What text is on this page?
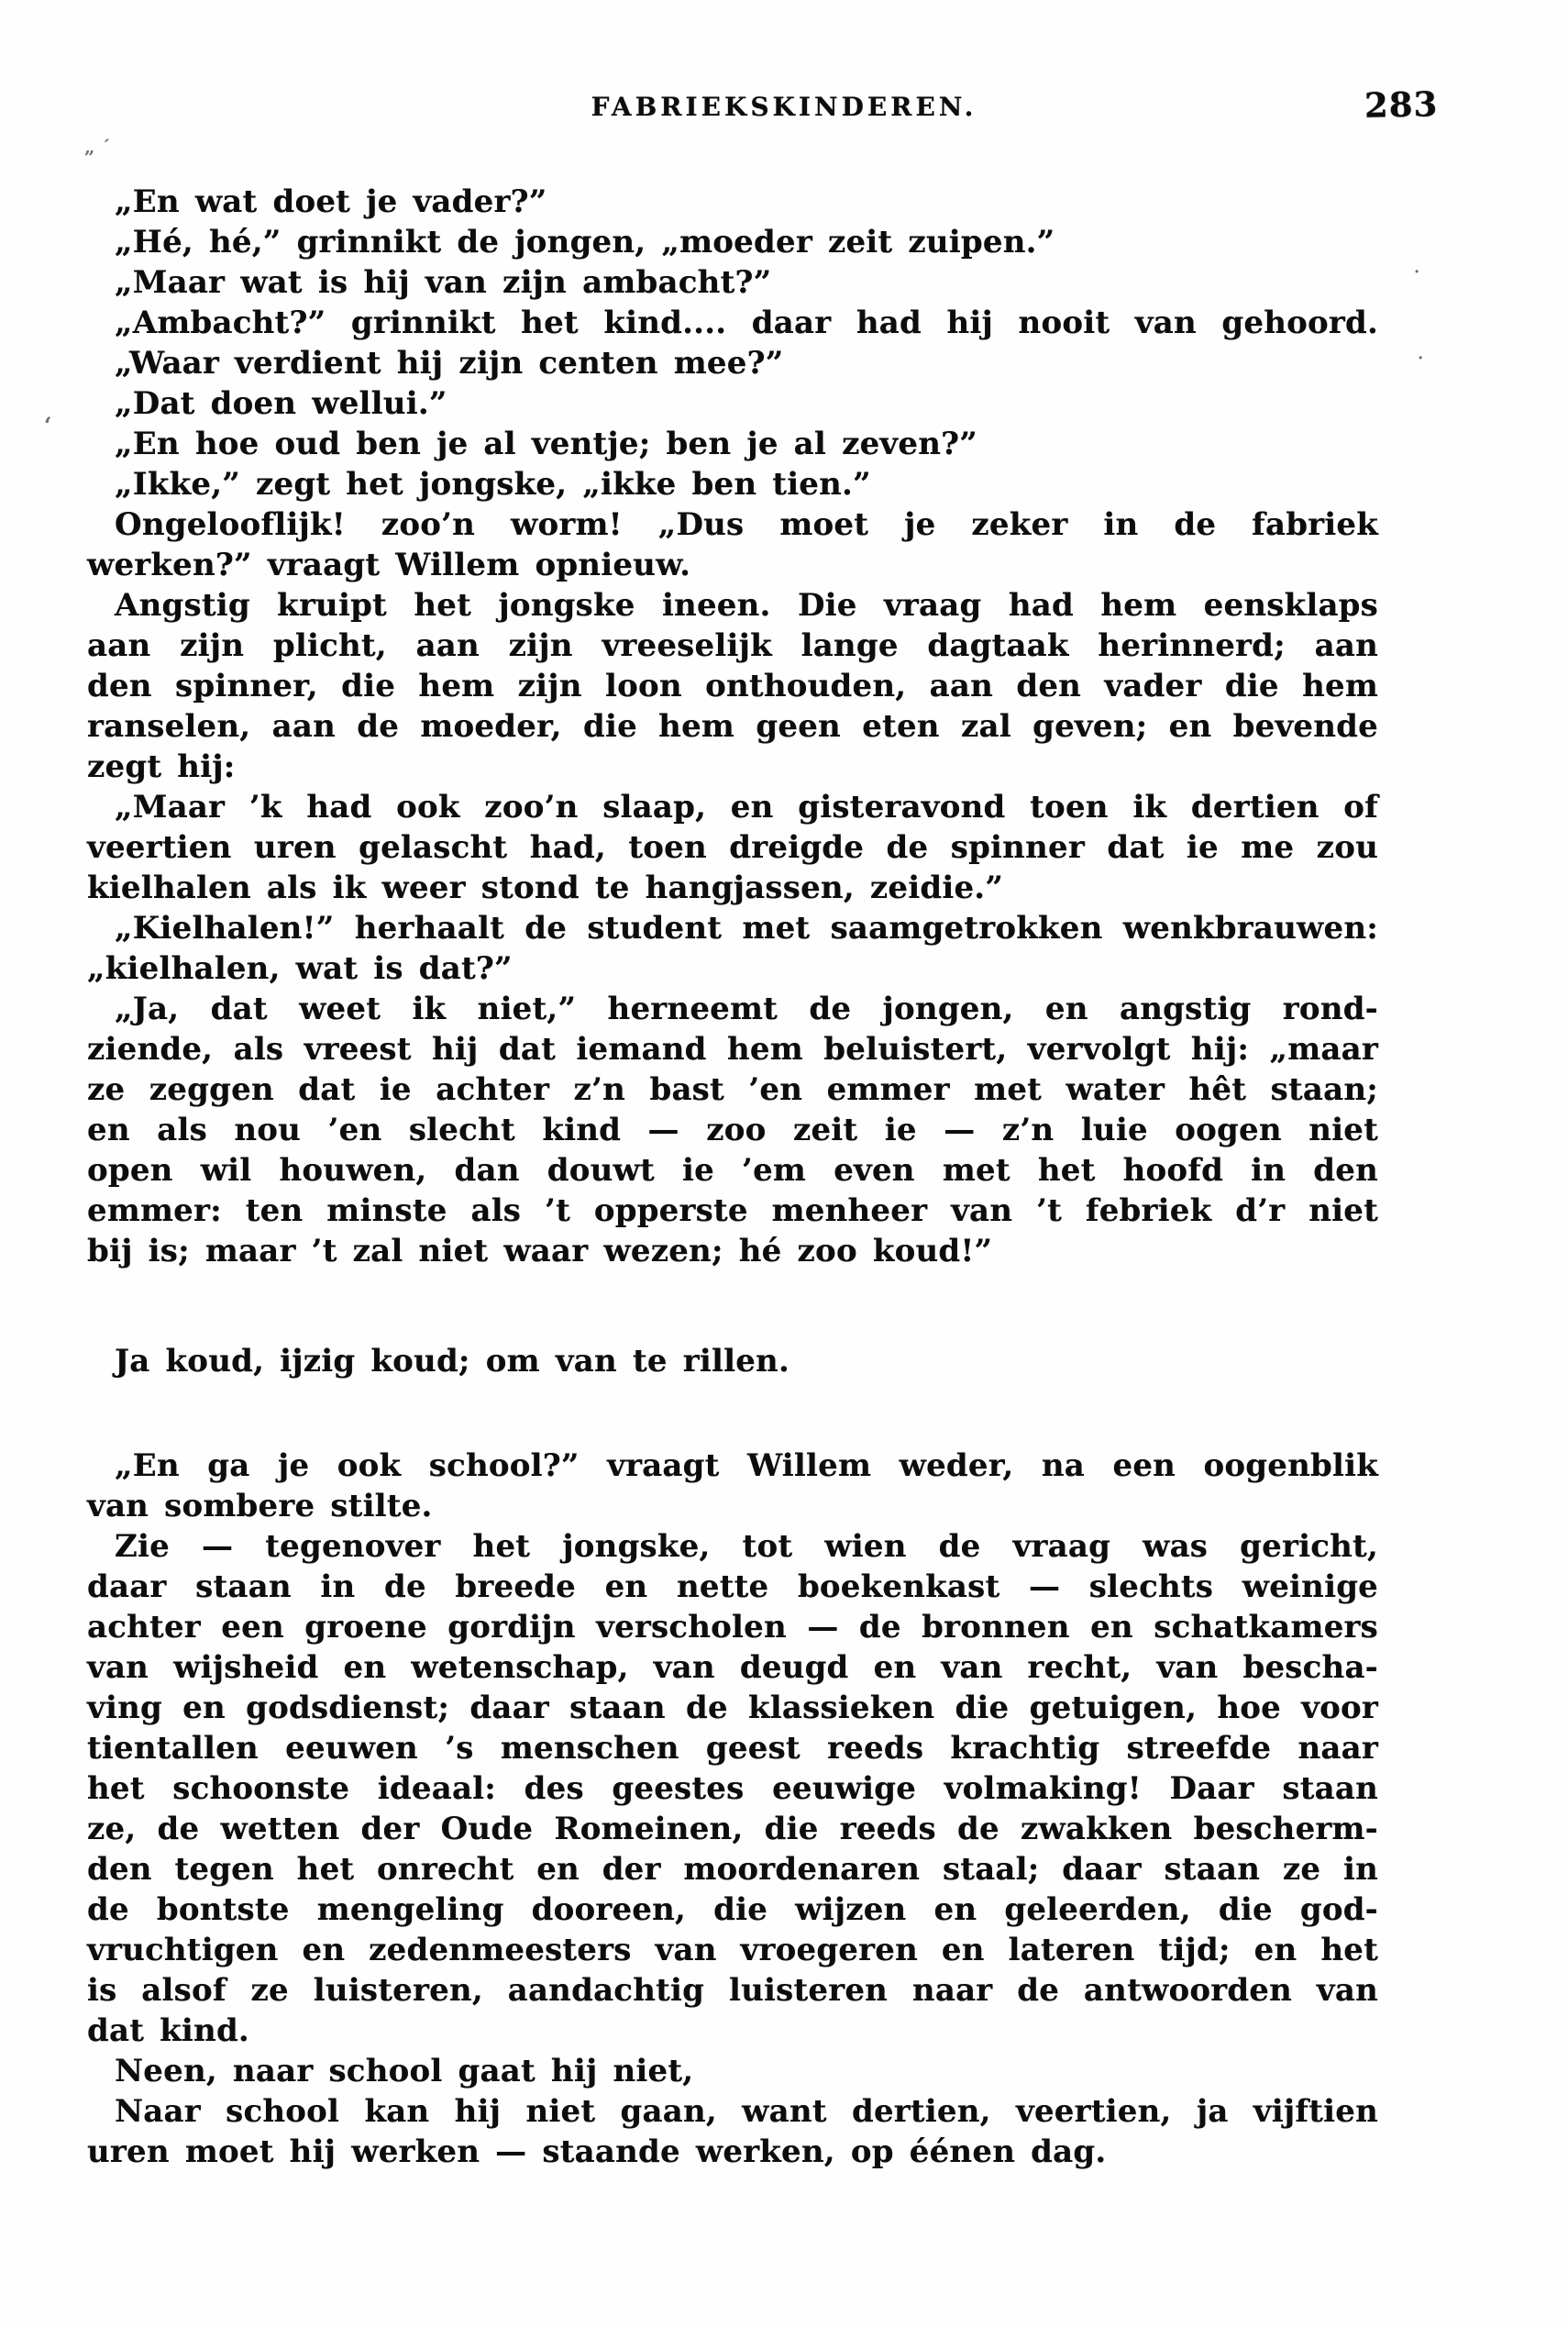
FABRIEKSKINDEREN.	283
„ ˊ
‘
·
·
„En wat doet je vader?”
„Hé, hé,” grinnikt de jongen, „moeder zeit zuipen.”
„Maar wat is hij van zijn ambacht?”
„Ambacht?” grinnikt het kind.... daar had hij nooit van gehoord.
„Waar verdient hij zijn centen mee?”
„Dat doen wellui.”
„En hoe oud ben je al ventje; ben je al zeven?”
„Ikke,” zegt het jongske, „ikke ben tien.”
Ongelooflijk! zoo’n worm! „Dus moet je zeker in de fabriek
werken?” vraagt Willem opnieuw.
Angstig kruipt het jongske ineen. Die vraag had hem eensklaps
aan zijn plicht, aan zijn vreeselijk lange dagtaak herinnerd; aan
den spinner, die hem zijn loon onthouden, aan den vader die hem
ranselen, aan de moeder, die hem geen eten zal geven; en bevende
zegt hij:
„Maar ’k had ook zoo’n slaap, en gisteravond toen ik dertien of
veertien uren gelascht had, toen dreigde de spinner dat ie me zou
kielhalen als ik weer stond te hangjassen, zeidie.”
„Kielhalen!” herhaalt de student met saamgetrokken wenkbrauwen:
„kielhalen, wat is dat?”
„Ja, dat weet ik niet,” herneemt de jongen, en angstig rond-
ziende, als vreest hij dat iemand hem beluistert, vervolgt hij: „maar
ze zeggen dat ie achter z’n bast ’en emmer met water hêt staan;
en als nou ’en slecht kind — zoo zeit ie — z’n luie oogen niet
open wil houwen, dan douwt ie ’em even met het hoofd in den
emmer: ten minste als ’t opperste menheer van ’t febriek d’r niet
bij is; maar ’t zal niet waar wezen; hé zoo koud!”
Ja koud, ijzig koud; om van te rillen.
„En ga je ook school?” vraagt Willem weder, na een oogenblik
van sombere stilte.
Zie — tegenover het jongske, tot wien de vraag was gericht,
daar staan in de breede en nette boekenkast — slechts weinige
achter een groene gordijn verscholen — de bronnen en schatkamers
van wijsheid en wetenschap, van deugd en van recht, van bescha-
ving en godsdienst; daar staan de klassieken die getuigen, hoe voor
tientallen eeuwen ’s menschen geest reeds krachtig streefde naar
het schoonste ideaal: des geestes eeuwige volmaking! Daar staan
ze, de wetten der Oude Romeinen, die reeds de zwakken bescherm-
den tegen het onrecht en der moordenaren staal; daar staan ze in
de bontste mengeling dooreen, die wijzen en geleerden, die god-
vruchtigen en zedenmeesters van vroegeren en lateren tijd; en het
is alsof ze luisteren, aandachtig luisteren naar de antwoorden van
dat kind.
Neen, naar school gaat hij niet,
Naar school kan hij niet gaan, want dertien, veertien, ja vijftien
uren moet hij werken — staande werken, op éénen dag.
